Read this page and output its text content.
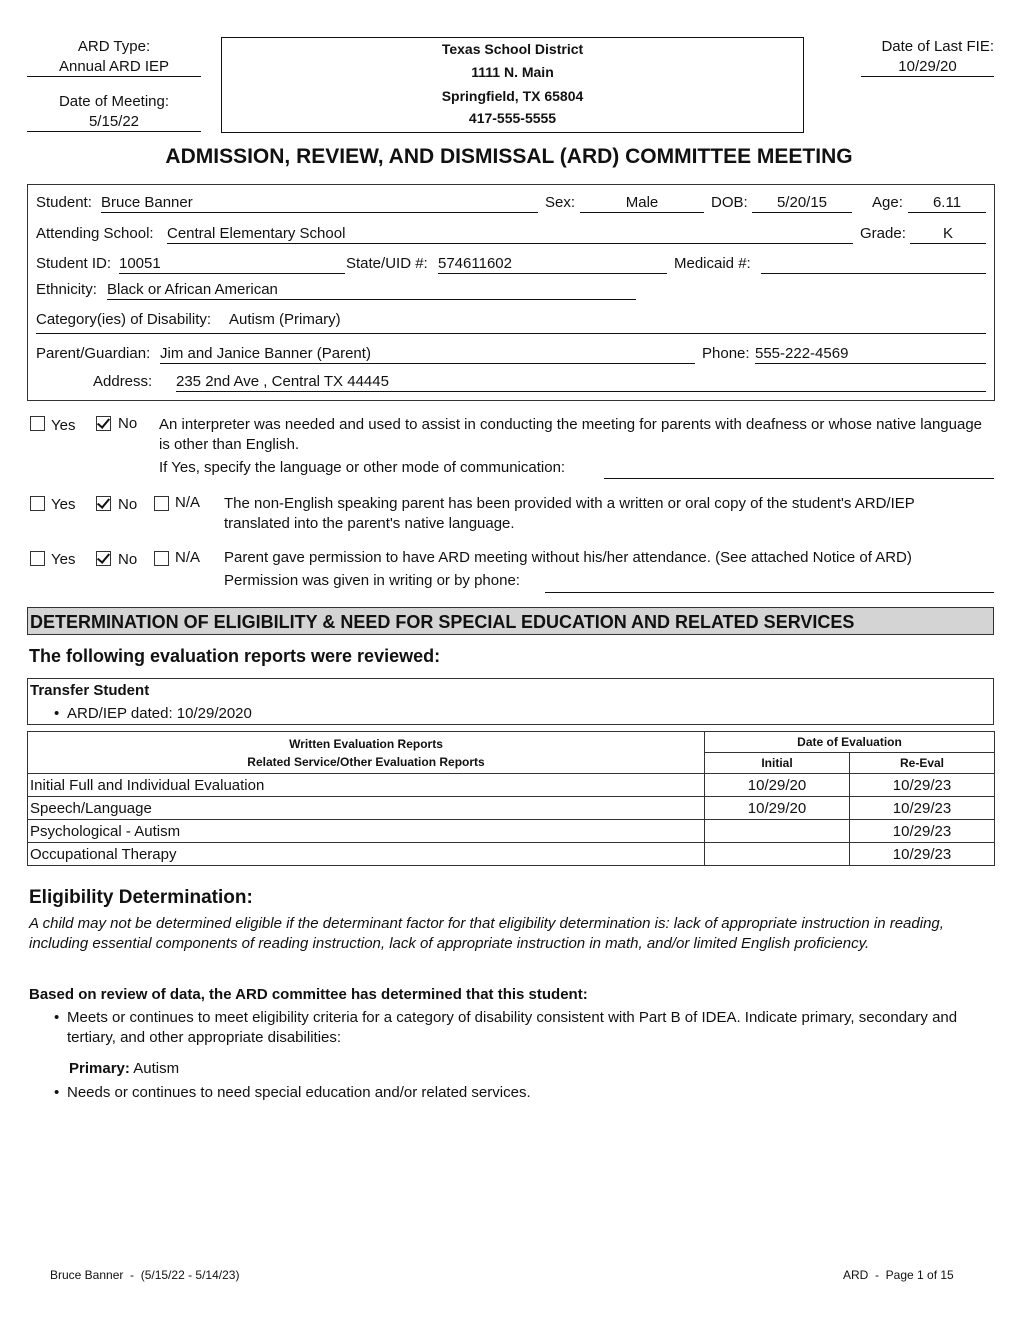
ARD Type:
Annual ARD IEP
Date of Meeting:
5/15/22
Texas School District
1111 N. Main
Springfield, TX 65804
417-555-5555
Date of Last FIE:
10/29/20
ADMISSION, REVIEW, AND DISMISSAL (ARD) COMMITTEE MEETING
Student: Bruce Banner	Sex:	Male	DOB:	5/20/15	Age:	6.11
Attending School: Central Elementary School	Grade:	K
Student ID: 10051	State/UID #: 574611602	Medicaid #:
Ethnicity: Black or African American
Category(ies) of Disability: Autism (Primary)
Parent/Guardian: Jim and Janice Banner (Parent)	Phone: 555-222-4569
Address: 235 2nd Ave , Central TX 44445
Yes	No An interpreter was needed and used to assist in conducting the meeting for parents with deafness or whose native language is other than English.
If Yes, specify the language or other mode of communication:
Yes	No	N/A The non-English speaking parent has been provided with a written or oral copy of the student's ARD/IEP translated into the parent's native language.
Yes	No	N/A Parent gave permission to have ARD meeting without his/her attendance. (See attached Notice of ARD)
Permission was given in writing or by phone:
DETERMINATION OF ELIGIBILITY & NEED FOR SPECIAL EDUCATION AND RELATED SERVICES
The following evaluation reports were reviewed:
Transfer Student
• ARD/IEP dated: 10/29/2020
Written Evaluation Reports
Related Service/Other Evaluation Reports	Date of Evaluation	
	Initial	Re-Eval
Initial Full and Individual Evaluation	10/29/20	10/29/23
Speech/Language	10/29/20	10/29/23
Psychological - Autism		10/29/23
Occupational Therapy		10/29/23
Eligibility Determination:
A child may not be determined eligible if the determinant factor for that eligibility determination is: lack of appropriate instruction in reading, including essential components of reading instruction, lack of appropriate instruction in math, and/or limited English proficiency.
Based on review of data, the ARD committee has determined that this student:
• Meets or continues to meet eligibility criteria for a category of disability consistent with Part B of IDEA. Indicate primary, secondary and tertiary, and other appropriate disabilities:
Primary: Autism
• Needs or continues to need special education and/or related services.
Bruce Banner  -  (5/15/22 - 5/14/23)	ARD  -  Page 1 of 15
